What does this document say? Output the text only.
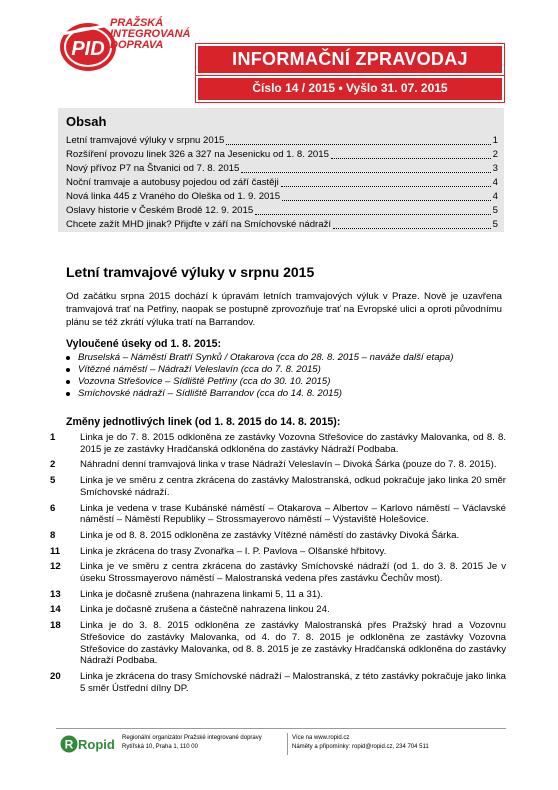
PID
PRAŽSKÁ
INTEGROVANÁ
DOPRAVA
INFORMAČNÍ ZPRAVODAJ
Číslo 14 / 2015 • Vyšlo 31. 07. 2015
Obsah
Letní tramvajové výluky v srpnu 2015	1
Rozšíření provozu linek 326 a 327 na Jesenicku od 1. 8. 2015	2
Nový přívoz P7 na Štvanici od 7. 8. 2015	3
Noční tramvaje a autobusy pojedou od září častěji	4
Nová linka 445 z Vraného do Oleška od 1. 9. 2015	4
Oslavy historie v Českém Brodě 12. 9. 2015	5
Chcete zažít MHD jinak? Přijďte v září na Smíchovské nádraží	5
Letní tramvajové výluky v srpnu 2015
Od začátku srpna 2015 dochází k úpravám letních tramvajových výluk v Praze. Nově je uzavřena tramvajová trať na Petřiny, naopak se postupně zprovozňuje trať na Evropské ulici a oproti původnímu plánu se též zkrátí výluka tratí na Barrandov.
Vyloučené úseky od 1. 8. 2015:
Bruselská – Náměstí Bratří Synků / Otakarova (cca do 28. 8. 2015 – naváže další etapa)
Vítězné náměstí – Nádraží Veleslavín (cca do 7. 8. 2015)
Vozovna Střešovice – Sídliště Petřiny (cca do 30. 10. 2015)
Smíchovské nádraží – Sídliště Barrandov (cca do 14. 8. 2015)
Změny jednotlivých linek (od 1. 8. 2015 do 14. 8. 2015):
1	Linka je do 7. 8. 2015 odkloněna ze zastávky Vozovna Střešovice do zastávky Malovanka, od 8. 8. 2015 je ze zastávky Hradčanská odkloněna do zastávky Nádraží Podbaba.
2	Náhradní denní tramvajová linka v trase Nádraží Veleslavín – Divoká Šárka (pouze do 7. 8. 2015).
5	Linka je ve směru z centra zkrácena do zastávky Malostranská, odkud pokračuje jako linka 20 směr Smíchovské nádraží.
6	Linka je vedena v trase Kubánské náměstí – Otakarova – Albertov – Karlovo náměstí – Václavské náměstí – Náměstí Republiky – Strossmayerovo náměstí – Výstaviště Holešovice.
8	Linka je od 8. 8. 2015 odkloněna ze zastávky Vítězné náměstí do zastávky Divoká Šárka.
11	Linka je zkrácena do trasy Zvonařka – I. P. Pavlova – Olšanské hřbitovy.
12	Linka je ve směru z centra zkrácena do zastávky Smíchovské nádraží (od 1. do 3. 8. 2015 Je v úseku Strossmayerovo náměstí – Malostranská vedena přes zastávku Čechův most).
13	Linka je dočasně zrušena (nahrazena linkami 5, 11 a 31).
14	Linka je dočasně zrušena a částečně nahrazena linkou 24.
18	Linka je do 3. 8. 2015 odkloněna ze zastávky Malostranská přes Pražský hrad a Vozovnu Střešovice do zastávky Malovanka, od 4. do 7. 8. 2015 je odkloněna ze zastávky Vozovna Střešovice do zastávky Malovanka, od 8. 8. 2015 je ze zastávky Hradčanská odkloněna do zastávky Nádraží Podbaba.
20	Linka je zkrácena do trasy Smíchovské nádraží – Malostranská, z této zastávky pokračuje jako linka 5 směr Ústřední dílny DP.
R Ropid Regionální organizátor Pražské integrované dopravy
Rytířská 10, Praha 1, 110 00
Více na www.ropid.cz
Náměty a připomínky: ropid@ropid.cz, 234 704 511
